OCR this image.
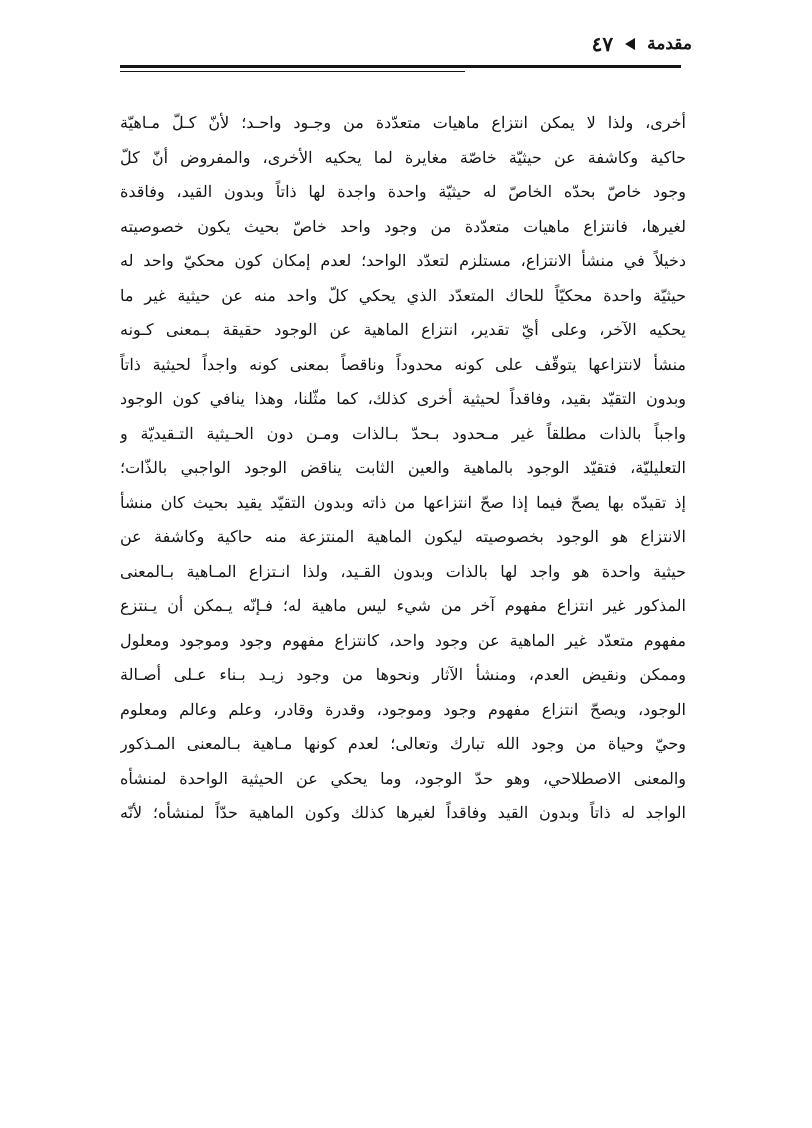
مقدمة
٤٧
أخرى، ولذا لا يمكن انتزاع ماهيات متعدّدة من وجـود واحـد؛ لأنّ كـلّ مـاهيّة
حاكية وكاشفة عن حيثيّة خاصّة مغايرة لما يحكيه الأخرى، والمفروض أنّ كلّ
وجود خاصّ بحدّه الخاصّ له حيثيّة واحدة واجدة لها ذاتاً وبدون القيد، وفاقدة
لغيرها، فانتزاع ماهيات متعدّدة من وجود واحد خاصّ بحيث يكون خصوصيته
دخيلاً في منشأ الانتزاع، مستلزم لتعدّد الواحد؛ لعدم إمكان كون محكيّ واحد له
حيثيّة واحدة محكيّاً للحاك المتعدّد الذي يحكي كلّ واحد منه عن حيثية غير ما
يحكيه الآخر، وعلى أيّ تقدير، انتزاع الماهية عن الوجود حقيقة بـمعنى كـونه
منشأ لانتزاعها يتوقّف على كونه محدوداً وناقصاً بمعنى كونه واجداً لحيثية ذاتاً
وبدون التقيّد بقيد، وفاقداً لحيثية أخرى كذلك، كما مثّلنا، وهذا ينافي كون الوجود
واجباً بالذات مطلقاً غير مـحدود بـحدّ بـالذات ومـن دون الحـيثية التـقيديّة و
التعليليّة، فتقيّد الوجود بالماهية والعين الثابت يناقض الوجود الواجبي بالذّات؛
إذ تقيدّه بها يصحّ فيما إذا صحّ انتزاعها من ذاته وبدون التقيّد يقيد بحيث كان منشأ
الانتزاع هو الوجود بخصوصيته ليكون الماهية المنتزعة منه حاكية وكاشفة عن
حيثية واحدة هو واجد لها بالذات وبدون القـيد، ولذا انـتزاع المـاهية بـالمعنى
المذكور غير انتزاع مفهوم آخر من شيء ليس ماهية له؛ فـإنّه يـمكن أن يـنتزع
مفهوم متعدّد غير الماهية عن وجود واحد، كانتزاع مفهوم وجود وموجود ومعلول
وممكن ونقيض العدم، ومنشأ الآثار ونحوها من وجود زيـد بـناء عـلى أصـالة
الوجود، ويصحّ انتزاع مفهوم وجود وموجود، وقدرة وقادر، وعلم وعالم ومعلوم
وحيّ وحياة من وجود الله تبارك وتعالى؛ لعدم كونها مـاهية بـالمعنى المـذكور
والمعنى الاصطلاحي، وهو حدّ الوجود، وما يحكي عن الحيثية الواحدة لمنشأه
الواجد له ذاتاً وبدون القيد وفاقداً لغيرها كذلك وكون الماهية حدّاً لمنشأه؛ لأنّه
